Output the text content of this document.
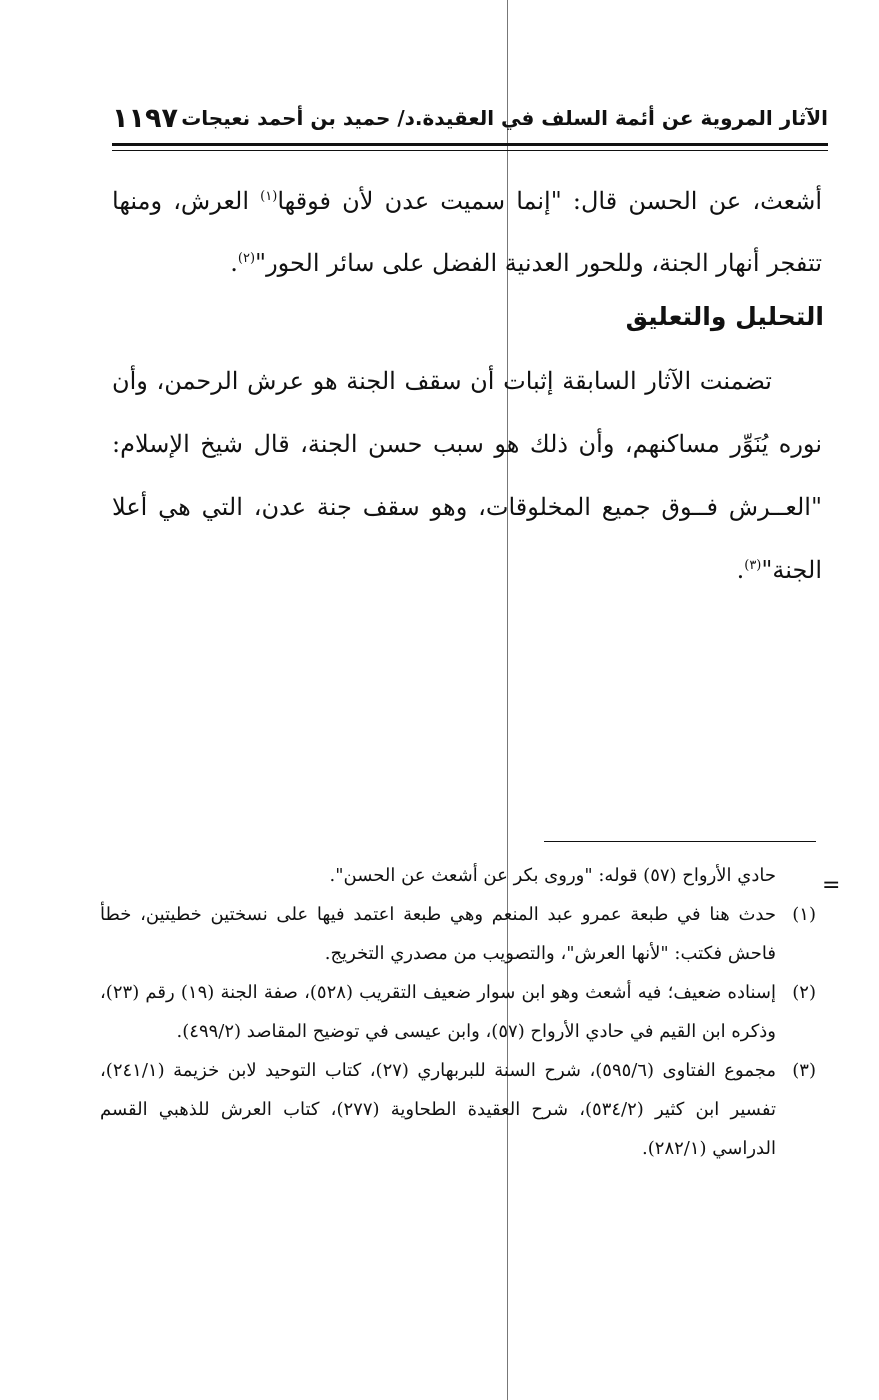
الآثار المروية عن أئمة السلف في العقيدة.د/ حميد بن أحمد نعيجات
١١٩٧
أشعث، عن الحسن قال: "إنما سميت عدن لأن فوقها$^{(١)}$ العرش، ومنها تتفجر أنهار الجنة، وللحور العدنية الفضل على سائر الحور"$^{(٢)}$.
التحليل والتعليق
تضمنت الآثار السابقة إثبات أن سقف الجنة هو عرش الرحمن، وأن نوره يُنَوِّر مساكنهم، وأن ذلك هو سبب حسن الجنة، قال شيخ الإسلام: "العــرش فــوق جميع المخلوقات، وهو سقف جنة عدن، التي هي أعلا الجنة"$^{(٣)}$.
=
حادي الأرواح (٥٧) قوله: "وروى بكر عن أشعث عن الحسن".
(١)
حدث هنا في طبعة عمرو عبد المنعم وهي طبعة اعتمد فيها على نسختين خطيتين، خطأ فاحش فكتب: "لأنها العرش"، والتصويب من مصدري التخريج.
(٢)
إسناده ضعيف؛ فيه أشعث وهو ابن سوار ضعيف التقريب (٥٢٨)، صفة الجنة (١٩) رقم (٢٣)، وذكره ابن القيم في حادي الأرواح (٥٧)، وابن عيسى في توضيح المقاصد (٤٩٩/٢).
(٣)
مجموع الفتاوى (٥٩٥/٦)، شرح السنة للبربهاري (٢٧)، كتاب التوحيد لابن خزيمة (٢٤١/١)، تفسير ابن كثير (٥٣٤/٢)، شرح العقيدة الطحاوية (٢٧٧)، كتاب العرش للذهبي القسم الدراسي (٢٨٢/١).
